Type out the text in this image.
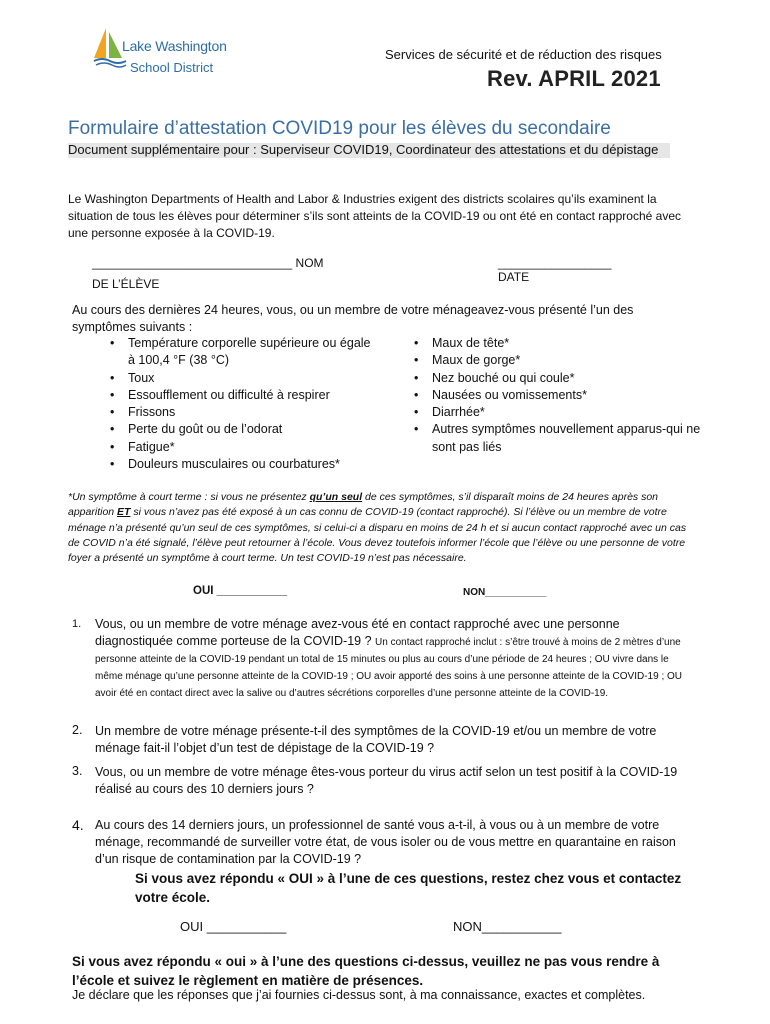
Lake Washington
School District
Services de sécurité et de réduction des risques
Rev. APRIL 2021
Formulaire d’attestation COVID19 pour les élèves du secondaire
Document supplémentaire pour : Superviseur COVID19, Coordinateur des attestations et du dépistage
Le Washington Departments of Health and Labor & Industries exigent des districts scolaires qu’ils examinent la situation de tous les élèves pour déterminer s’ils sont atteints de la COVID-19 ou ont été en contact rapproché avec une personne exposée à la COVID-19.
______________________________ NOM
DE L’ÉLÈVE
_________________
DATE
Au cours des dernières 24 heures, vous, ou un membre de votre ménageavez-vous présenté l’un des symptômes suivants :
• Température corporelle supérieure ou égale à 100,4 °F (38 °C)
• Toux
• Essoufflement ou difficulté à respirer
• Frissons
• Perte du goût ou de l’odorat
• Fatigue*
• Douleurs musculaires ou courbatures*
• Maux de tête*
• Maux de gorge*
• Nez bouché ou qui coule*
• Nausées ou vomissements*
• Diarrhée*
• Autres symptômes nouvellement apparus-qui ne sont pas liés
*Un symptôme à court terme : si vous ne présentez qu’un seul de ces symptômes, s’il disparaît moins de 24 heures après son apparition ET si vous n’avez pas été exposé à un cas connu de COVID-19 (contact rapproché). Si l’élève ou un membre de votre ménage n’a présenté qu’un seul de ces symptômes, si celui-ci a disparu en moins de 24 h et si aucun contact rapproché avec un cas de COVID n’a été signalé, l’élève peut retourner à l’école. Vous devez toutefois informer l’école que l’élève ou une personne de votre foyer a présenté un symptôme à court terme. Un test COVID-19 n’est pas nécessaire.
OUI ___________	NON___________
1. Vous, ou un membre de votre ménage avez-vous été en contact rapproché avec une personne diagnostiquée comme porteuse de la COVID-19 ? Un contact rapproché inclut : s’être trouvé à moins de 2 mètres d’une personne atteinte de la COVID-19 pendant un total de 15 minutes ou plus au cours d’une période de 24 heures ; OU vivre dans le même ménage qu’une personne atteinte de la COVID-19 ; OU avoir apporté des soins à une personne atteinte de la COVID-19 ; OU avoir été en contact direct avec la salive ou d’autres sécrétions corporelles d’une personne atteinte de la COVID-19.
2. Un membre de votre ménage présente-t-il des symptômes de la COVID-19 et/ou un membre de votre ménage fait-il l’objet d’un test de dépistage de la COVID-19 ?
3. Vous, ou un membre de votre ménage êtes-vous porteur du virus actif selon un test positif à la COVID-19 réalisé au cours des 10 derniers jours ?
4. Au cours des 14 derniers jours, un professionnel de santé vous a-t-il, à vous ou à un membre de votre ménage, recommandé de surveiller votre état, de vous isoler ou de vous mettre en quarantaine en raison d’un risque de contamination par la COVID-19 ?
Si vous avez répondu « OUI » à l’une de ces questions, restez chez vous et contactez votre école.
OUI ___________	NON___________
Si vous avez répondu « oui » à l’une des questions ci-dessus, veuillez ne pas vous rendre à l’école et suivez le règlement en matière de présences.
Je déclare que les réponses que j’ai fournies ci-dessus sont, à ma connaissance, exactes et complètes.
